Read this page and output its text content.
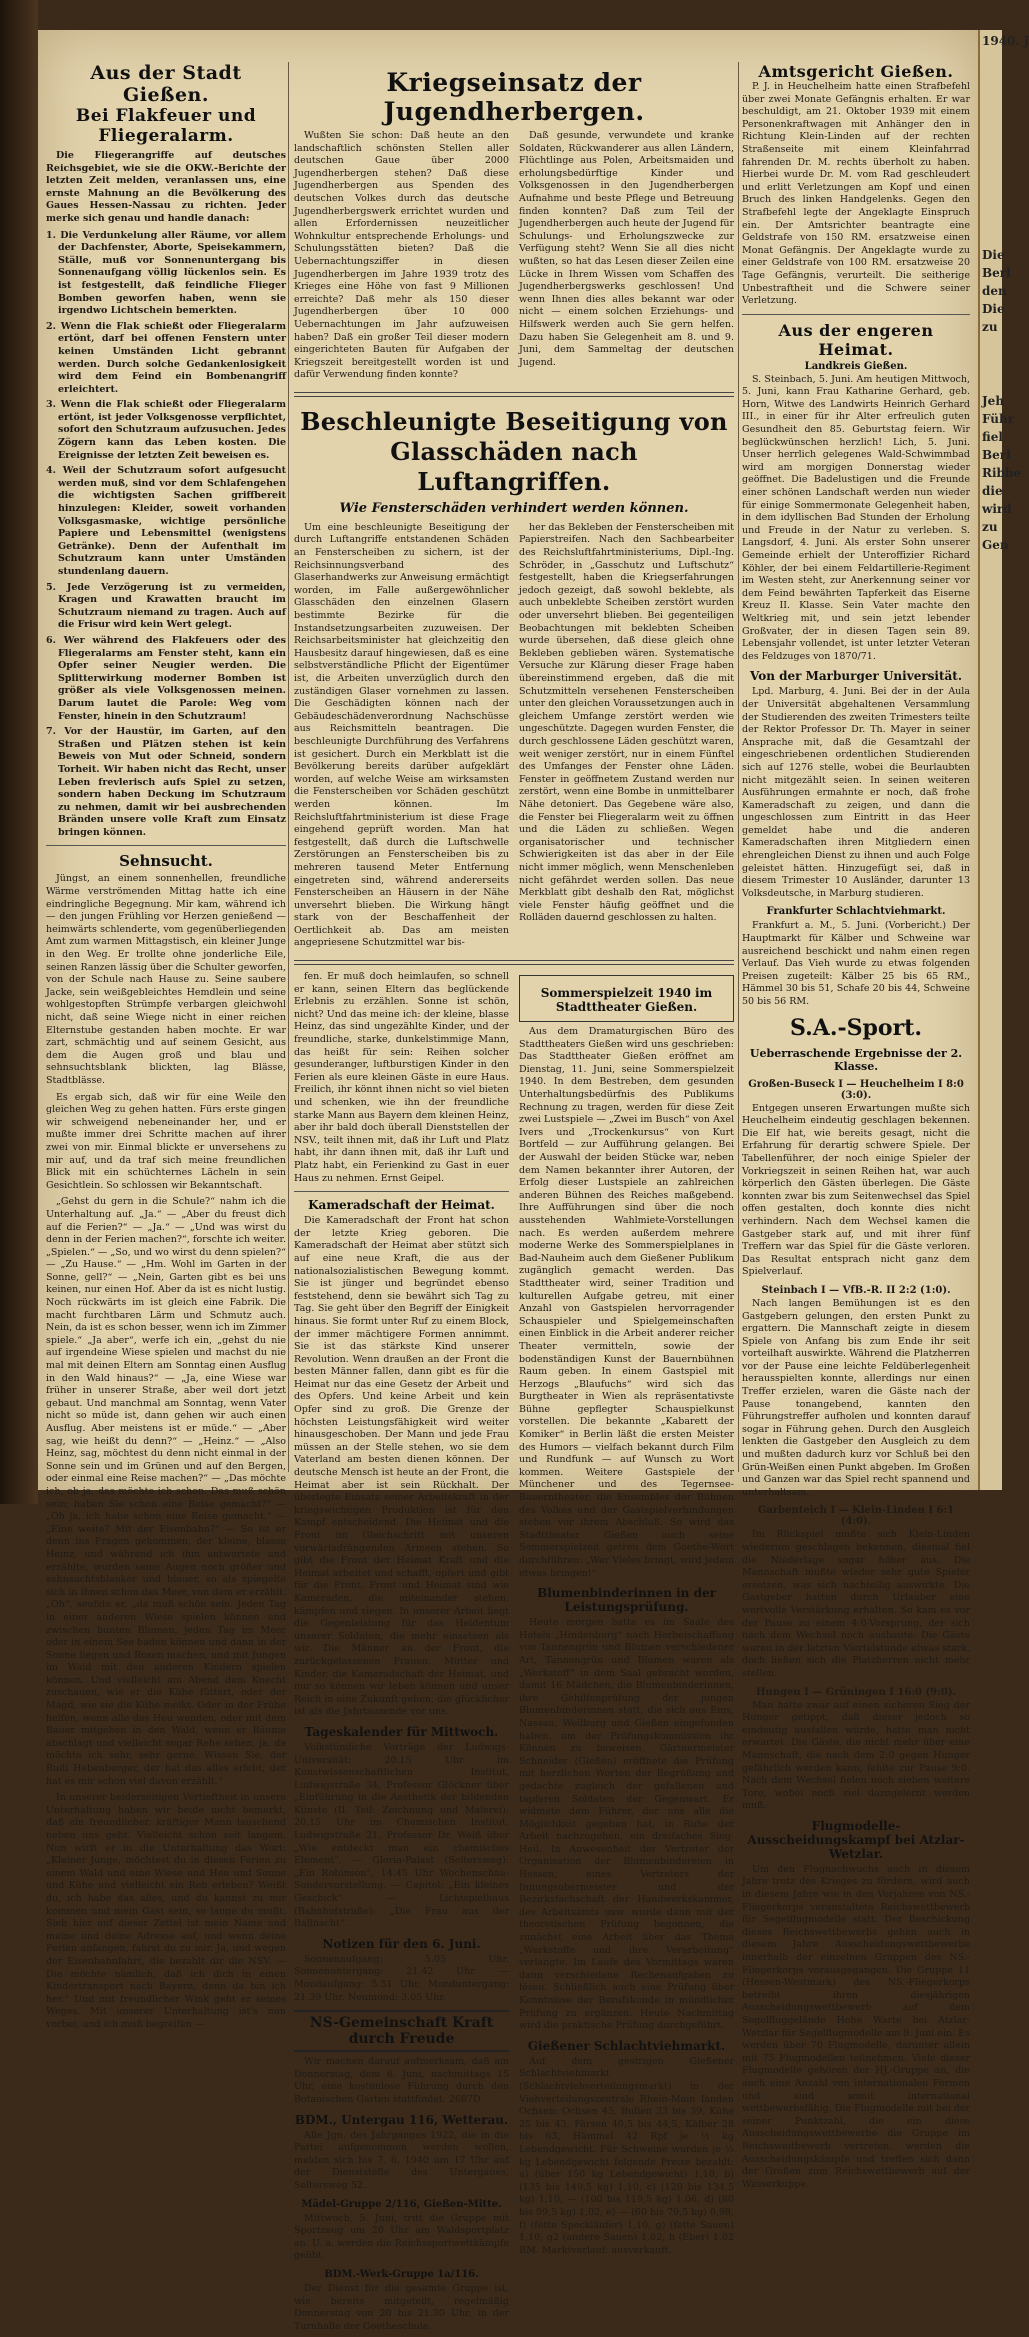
Aus der Stadt Gießen.
Bei Flakfeuer und Fliegeralarm.

Die Fliegerangriffe auf deutsches Reichsgebiet, wie sie die OKW.-Berichte der letzten Zeit melden, veranlassen uns, eine ernste Mahnung an die Bevölkerung des Gaues Hessen-Nassau zu richten. Jeder merke sich genau und handle danach:

1. Die Verdunkelung aller Räume, vor allem der Dachfenster, Aborte, Speisekammern, Ställe, muß vor Sonnenuntergang bis Sonnenaufgang völlig lückenlos sein. Es ist festgestellt, daß feindliche Flieger Bomben geworfen haben, wenn sie irgendwo Lichtschein bemerkten.
2. Wenn die Flak schießt oder Fliegeralarm ertönt, darf bei offenen Fenstern unter keinen Umständen Licht gebrannt werden. Durch solche Gedankenlosigkeit wird dem Feind ein Bombenangriff erleichtert.
3. Wenn die Flak schießt oder Fliegeralarm ertönt, ist jeder Volksgenosse verpflichtet, sofort den Schutzraum aufzusuchen. Jedes Zögern kann das Leben kosten. Die Ereignisse der letzten Zeit beweisen es.
4. Weil der Schutzraum sofort aufgesucht werden muß, sind vor dem Schlafengehen die wichtigsten Sachen griffbereit hinzulegen: Kleider, soweit vorhanden Volksgasmaske, wichtige persönliche Papiere und Lebensmittel (wenigstens Getränke). Denn der Aufenthalt im Schutzraum kann unter Umständen stundenlang dauern.
5. Jede Verzögerung ist zu vermeiden, Kragen und Krawatten braucht im Schutzraum niemand zu tragen. Auch auf die Frisur wird kein Wert gelegt.
6. Wer während des Flakfeuers oder des Fliegeralarms am Fenster steht, kann ein Opfer seiner Neugier werden. Die Splitterwirkung moderner Bomben ist größer als viele Volksgenossen meinen. Darum lautet die Parole: Weg vom Fenster, hinein in den Schutzraum!
7. Vor der Haustür, im Garten, auf den Straßen und Plätzen stehen ist kein Beweis von Mut oder Schneid, sondern Torheit. Wir haben nicht das Recht, unser Leben frevlerisch aufs Spiel zu setzen, sondern haben Deckung im Schutzraum zu nehmen, damit wir bei ausbrechenden Bränden unsere volle Kraft zum Einsatz bringen können.
Sehnsucht.

Jüngst, an einem sonnenhellen, freundliche Wärme verströmenden Mittag hatte ich eine eindringliche Begegnung. Mir kam, während ich — den jungen Frühling vor Herzen genießend — heimwärts schlenderte, vom gegenüberliegenden Amt zum warmen Mittagstisch, ein kleiner Junge in den Weg. Er trollte ohne jonderliche Eile, seinen Ranzen lässig über die Schulter geworfen, von der Schule nach Hause zu. Seine saubere Jacke, sein weißgebleichtes Hemdlein und seine wohlgestopften Strümpfe verbargen gleichwohl nicht, daß seine Wiege nicht in einer reichen Elternstube gestanden haben mochte. Er war zart, schmächtig und auf seinem Gesicht, aus dem die Augen groß und blau und sehnsuchtsblank blickten, lag Blässe, Stadtblässe.

Es ergab sich, daß wir für eine Weile den gleichen Weg zu gehen hatten. Fürs erste gingen wir schweigend nebeneinander her, und er mußte immer drei Schritte machen auf ihrer zwei von mir. Einmal blickte er unversehens zu mir auf, und da traf sich meine freundlichen Blick mit ein schüchternes Lächeln in sein Gesichtlein. So schlossen wir Bekanntschaft.

„Gehst du gern in die Schule?“ nahm ich die Unterhaltung auf. „Ja.“ — „Aber du freust dich auf die Ferien?“ — „Ja.“ — „Und was wirst du denn in der Ferien machen?“, forschte ich weiter. „Spielen.“ — „So, und wo wirst du denn spielen?“ — „Zu Hause.“ — „Hm. Wohl im Garten in der Sonne, gell?“ — „Nein, Garten gibt es bei uns keinen, nur einen Hof. Aber da ist es nicht lustig. Noch rückwärts im ist gleich eine Fabrik. Die macht furchtbaren Lärm und Schmutz auch. Nein, da ist es schon besser, wenn ich im Zimmer spiele.“ „Ja aber“, werfe ich ein, „gehst du nie auf irgendeine Wiese spielen und machst du nie mal mit deinen Eltern am Sonntag einen Ausflug in den Wald hinaus?“ — „Ja, eine Wiese war früher in unserer Straße, aber weil dort jetzt gebaut. Und manchmal am Sonntag, wenn Vater nicht so müde ist, dann gehen wir auch einen Ausflug. Aber meistens ist er müde.“ — „Aber sag, wie heißt du denn?“ — „Heinz.“ — „Also Heinz, sag, möchtest du denn nicht einmal in der Sonne sein und im Grünen und auf den Bergen, oder einmal eine Reise machen?“ — „Das möchte ich, ob ja, das möchte ich schon. Das muß schön sein; haben Sie schon eine Reise gemacht?“ — „Oh ja, ich habe schon eine Reise gemacht.“ — „Eine weite? Mit der Eisenbahn?“ — So ist er denn ins Fragen gekommen, der kleine, blasse Heinz, und während ich ihm antwortete und erzählte, wurden seine Augen noch größer und sehnsuchtsblanker und blauer, so als spiegelte sich in ihnen schon das Meer, von dem er erzählt. „Oh“, seufzte er, „da muß schön sein. Jeden Tag in einer anderen Wiese spielen können und zwischen bunten Blumen, jeden Tag im Meer oder in einem See baden können und dann in der Sonne liegen und Rosen machen, und mit Jungen im Wald mit den anderen Kindern spielen können. Und vielleicht am Abend dem Knecht zuschauen, wie er die Kühe füttert, oder der Magd, wie sie die Kühe melkt. Oder in der Frühe helfen, wenn alle das Heu wenden, oder mit dem Bauer mitgehen in den Wald, wenn er Bäume abschlagt und vielleicht sogar Rehe sehen, ja, da möchte ich sehr, sehr gerne. Wissen Sie, der Rudi Hebenberger, der hat das alles erlebt, der hat es mir schon viel davon erzählt.“

In unserer beiderseitigen Vertieftheit in unsere Unterhaltung haben wir beide nicht bemerkt, daß ein freundlicher, kräftiger Mann lauschend neben uns geht. Vielleicht schon seit langem. Nun wirft er in die Unterhaltung das Wort: „Kleiner Junge, möchtest du in diesen Ferien zu einem Wald und eine Wiese und Heu und Sonne und Kühe und vielleicht ein Reh erleben? Weißt du, ich habe das alles, und du kannst zu mir kommen und mein Gast sein, so lange du mußt. Sieh hier auf dieser Zettel ist mein Name und meine und deine Adresse auf, und wenn deine Ferien anfangen, fahrst du zu mir. Ja, und wegen der Eisenbahnfahrt, die bezahlt dir die NSV. — Die möchte nämlich, daß ich dich in einen Kindertransport nach Bayern, denn da bin ich her.“ Und mit freundlicher Wink geht er seines Weges. Mit unserer Unterhaltung ist's nun vorbei, und ich muß begreifen —

Kriegseinsatz der Jugendherbergen.

Wußten Sie schon: Daß heute an den landschaftlich schönsten Stellen aller deutschen Gaue über 2000 Jugendherbergen stehen? Daß diese Jugendherbergen aus Spenden des deutschen Volkes durch das deutsche Jugendherbergswerk errichtet wurden und allen Erfordernissen neuzeitlicher Wohnkultur entsprechende Erholungs- und Schulungsstätten bieten? Daß die Uebernachtungsziffer in diesen Jugendherbergen im Jahre 1939 trotz des Krieges eine Höhe von fast 9 Millionen erreichte? Daß mehr als 150 dieser Jugendherbergen über 10 000 Uebernachtungen im Jahr aufzuweisen haben? Daß ein großer Teil dieser modern eingerichteten Bauten für Aufgaben der Kriegszeit bereitgestellt worden ist und dafür Verwendung finden konnte?

Daß gesunde, verwundete und kranke Soldaten, Rückwanderer aus allen Ländern, Flüchtlinge aus Polen, Arbeitsmaiden und erholungsbedürftige Kinder und Volksgenossen in den Jugendherbergen Aufnahme und beste Pflege und Betreuung finden konnten? Daß zum Teil der Jugendherbergen auch heute der Jugend für Schulungs- und Erholungszwecke zur Verfügung steht? Wenn Sie all dies nicht wußten, so hat das Lesen dieser Zeilen eine Lücke in Ihrem Wissen vom Schaffen des Jugendherbergswerks geschlossen! Und wenn Ihnen dies alles bekannt war oder nicht — einem solchen Erziehungs- und Hilfswerk werden auch Sie gern helfen. Dazu haben Sie Gelegenheit am 8. und 9. Juni, dem Sammeltag der deutschen Jugend.

Beschleunigte Beseitigung von Glasschäden nach Luftangriffen.
Wie Fensterschäden verhindert werden können.

Um eine beschleunigte Beseitigung der durch Luftangriffe entstandenen Schäden an Fensterscheiben zu sichern, ist der Reichsinnungsverband des Glaserhandwerks zur Anweisung ermächtigt worden, im Falle außergewöhnlicher Glasschäden den einzelnen Glasern bestimmte Bezirke für die Instandsetzungsarbeiten zuzuweisen. Der Reichsarbeitsminister hat gleichzeitig den Hausbesitz darauf hingewiesen, daß es eine selbstverständliche Pflicht der Eigentümer ist, die Arbeiten unverzüglich durch den zuständigen Glaser vornehmen zu lassen. Die Geschädigten können nach der Gebäudeschädenverordnung Nachschüsse aus Reichsmitteln beantragen. Die beschleunigte Durchführung des Verfahrens ist gesichert. Durch ein Merkblatt ist die Bevölkerung bereits darüber aufgeklärt worden, auf welche Weise am wirksamsten die Fensterscheiben vor Schäden geschützt werden können. Im Reichsluftfahrtministerium ist diese Frage eingehend geprüft worden. Man hat festgestellt, daß durch die Luftschwelle Zerstörungen an Fensterscheiben bis zu mehreren tausend Meter Entfernung eingetreten sind, während andererseits Fensterscheiben an Häusern in der Nähe unversehrt blieben. Die Wirkung hängt stark von der Beschaffenheit der Oertlichkeit ab. Das am meisten angepriesene Schutzmittel war bis-

her das Bekleben der Fensterscheiben mit Papierstreifen. Nach den Sachbearbeiter des Reichsluftfahrtministeriums, Dipl.-Ing. Schröder, in „Gasschutz und Luftschutz“ festgestellt, haben die Kriegserfahrungen jedoch gezeigt, daß sowohl beklebte, als auch unbeklebte Scheiben zerstört wurden oder unversehrt blieben. Bei gegenteiligen Beobachtungen mit beklebten Scheiben wurde übersehen, daß diese gleich ohne Bekleben geblieben wären. Systematische Versuche zur Klärung dieser Frage haben übereinstimmend ergeben, daß die mit Schutzmitteln versehenen Fensterscheiben unter den gleichen Voraussetzungen auch in gleichem Umfange zerstört werden wie ungeschützte. Dagegen wurden Fenster, die durch geschlossene Läden geschützt waren, weit weniger zerstört, nur in einem Fünftel des Umfanges der Fenster ohne Läden. Fenster in geöffnetem Zustand werden nur zerstört, wenn eine Bombe in unmittelbarer Nähe detoniert. Das Gegebene wäre also, die Fenster bei Fliegeralarm weit zu öffnen und die Läden zu schließen. Wegen organisatorischer und technischer Schwierigkeiten ist das aber in der Eile nicht immer möglich, wenn Menschenleben nicht gefährdet werden sollen. Das neue Merkblatt gibt deshalb den Rat, möglichst viele Fenster häufig geöffnet und die Rolläden dauernd geschlossen zu halten.

fen. Er muß doch heimlaufen, so schnell er kann, seinen Eltern das beglückende Erlebnis zu erzählen. Sonne ist schön, nicht? Und das meine ich: der kleine, blasse Heinz, das sind ungezählte Kinder, und der freundliche, starke, dunkelstimmige Mann, das heißt für sein: Reihen solcher gesunderanger, luftburstigen Kinder in den Ferien als eure kleinen Gäste in eure Haus. Freilich, ihr könnt ihnen nicht so viel bieten und schenken, wie ihn der freundliche starke Mann aus Bayern dem kleinen Heinz, aber ihr bald doch überall Dienststellen der NSV., teilt ihnen mit, daß ihr Luft und Platz habt, ihr dann ihnen mit, daß ihr Luft und Platz habt, ein Ferienkind zu Gast in euer Haus zu nehmen. Ernst Geipel.

Kameradschaft der Heimat.

Die Kameradschaft der Front hat schon der letzte Krieg geboren. Die Kameradschaft der Heimat aber stützt sich auf eine neue Kraft, die aus der nationalsozialistischen Bewegung kommt. Sie ist jünger und begründet ebenso feststehend, denn sie bewährt sich Tag zu Tag. Sie geht über den Begriff der Einigkeit hinaus. Sie formt unter Ruf zu einem Block, der immer mächtigere Formen annimmt. Sie ist das stärkste Kind unserer Revolution. Wenn draußen an der Front die besten Männer fallen, dann gibt es für die Heimat nur das eine Gesetz der Arbeit und des Opfers. Und keine Arbeit und kein Opfer sind zu groß. Die Grenze der höchsten Leistungsfähigkeit wird weiter hinausgeschoben. Der Mann und jede Frau müssen an der Stelle stehen, wo sie dem Vaterland am besten dienen können. Der deutsche Mensch ist heute an der Front, die Heimat aber ist sein Rückhalt. Der überlegte Einsatz seiner Arbeitskraft in der kriegswichtigen Produktion ist für den Kampf entscheidend. Die Heimat und die Front im Gleichschritt mit unseren vorwärtsdrängenden Armeen stehen. So gibt die Front der Heimat Kraft und die Heimat arbeitet und schafft, opfert und gibt für die Front. Front und Heimat sind wie Kameraden, die miteinander stehen, kämpfen und siegen. In unserer Arbeit liegt die Gegenleistung für das Heldentum unserer Soldaten, die mehr einsetzen als wir. Die Männer an der Front, die zurückgelassenen Frauen, Mütter und Kinder, die Kameradschaft der Heimat, und nur so können wir leben können und unser Reich in eine Zukunft gehen, die glücklicher ist als die Jahrtausende vor uns.

Tageskalender für Mittwoch.

Volkstümliche Vorträge der Ludwigs-Universität: 20.15 Uhr im Kunstwissenschaftlichen Institut, Ludwigstraße 34, Professor Glöckner über „Einführung in die Aesthetik der bildenden Künste (II. Teil: Zeichnung und Malerei); 20.15 Uhr im Chemischen Institut, Ludwigstraße 21, Professor Dr. Weiß über „Wie entdeckt man ein chemisches Element“. — Gloria-Palast (Seltersweg): „Ein Robinson“, 14.45 Uhr Wochenschau-Sondervorstellung. — Capitol: „Ein kleines Geschick“ — Lichtspielhaus (Bahnhofstraße): „Die Frau aus der Ballnacht“.

Notizen für den 6. Juni.

Sonnenaufgang: 5.05 Uhr, Sonnenuntergang: 21.42 Uhr. — Mondaufgang: 5.51 Uhr, Monduntergang: 21.39 Uhr. Neumond: 3.05 Uhr.

NS-Gemeinschaft Kraft durch Freude

Wir machen darauf aufmerksam, daß am Donnerstag, dem 6. Juni, nachmittags 15 Uhr, eine kostenlose Führung durch den Botanischen Garten stattfindet. 2687D

BDM., Untergau 116, Wetterau.

Alle Jgn. des Jahrganges 1922, die in die Partei aufgenommen werden wollen, melden sich bis 7. 6. 1940 um 17 Uhr auf der Dienststelle des Untergaues, Seltersweg 52.

Mädel-Gruppe 2/116, Gießen-Mitte.

Mittwoch, 5. Juni, tritt die Gruppe mit Sportzeug um 20 Uhr am Waldsportplatz an. U. a. werden die Reichssportwettkämpfe geübt.

BDM.-Werk-Gruppe 1a/116.

Der Dienst für die gesamte Gruppe ist, wie bereits mitgeteilt, regelmäßig Donnerstag von 20 bis 21.30 Uhr, in der Turnhalle der Goetheschule.

Sommerspielzeit 1940 im Stadttheater Gießen.

Aus dem Dramaturgischen Büro des Stadttheaters Gießen wird uns geschrieben: Das Stadttheater Gießen eröffnet am Dienstag, 11. Juni, seine Sommerspielzeit 1940. In dem Bestreben, dem gesunden Unterhaltungsbedürfnis des Publikums Rechnung zu tragen, werden für diese Zeit zwei Lustspiele — „Zwei im Busch“ von Axel Ivers und „Trockenkursus“ von Kurt Bortfeld — zur Aufführung gelangen. Bei der Auswahl der beiden Stücke war, neben dem Namen bekannter ihrer Autoren, der Erfolg dieser Lustspiele an zahlreichen anderen Bühnen des Reiches maßgebend. Ihre Aufführungen sind über die noch ausstehenden Wahlmiete-Vorstellungen nach. Es werden außerdem mehrere moderne Werke des Sommerspielplanes in Bad-Nauheim auch dem Gießener Publikum zugänglich gemacht werden. Das Stadttheater wird, seiner Tradition und kulturellen Aufgabe getreu, mit einer Anzahl von Gastspielen hervorragender Schauspieler und Spielgemeinschaften einen Einblick in die Arbeit anderer reicher Theater vermitteln, sowie der bodenständigen Kunst der Bauernbühnen Raum geben. In einem Gastspiel mit Herzogs „Blaufuchs“ wird sich das Burgtheater in Wien als repräsentativste Bühne gepflegter Schauspielkunst vorstellen. Die bekannte „Kabarett der Komiker“ in Berlin läßt die ersten Meister des Humors — vielfach bekannt durch Film und Rundfunk — auf Wunsch zu Wort kommen. Weitere Gastspiele der Münchener und des Tegernsee-Bauerntheater, die Ensembles der Bühnen des Volkes und der Gastspielverbindungen stehen vor ihrem Abschluß. So wird das Stadttheater Gießen auch seine Sommerspielzeit getreu dem Goethe-Wort durchführen: „Wer Vieles bringt, wird jedem etwas bringen!“

Blumenbinderinnen in der Leistungsprüfung.

Heute morgen hatte es im Saale des Hotels „Hindenburg“ nach Herbeischaffung von Tannengrün und Blumen verschiedener Art, Tannengrün und Blumen waren als „Werkstoff“ in dem Saal gebracht worden, damit 16 Mädchen, die Blumenbinderinnen, ihre Gehilfenprüfung der jungen Blumenbinderinnen statt, die sich aus Ems, Nassau, Weilburg und Gießen eingefunden haben, um der Prüfungskommission ihr Können zu beweisen. Gärtnermeister Schneider (Gießen) eröffnete die Prüfung mit herzlichen Worten der Begrüßung und gedachte zugleich der gefallenen und tapferen Soldaten der Gegenwart. Er widmete dem Führer, der uns alle die Möglichkeit gegeben hat, in Ruhe der Arbeit nachzugehen, ein dreifaches Sieg-Heil. In Anwesenheit der Vertreter der Organisation der Blumenbindereien in Hessen, eines Vertreters der Innungsobermeister und der Bezirksfachschaft der Handwerkskammer, des Arbeitsamts usw. wurde dann mit der theoretischen Prüfung begonnen, die zunächst eine Arbeit über das Thema „Werkstoffe und ihre Verarbeitung“ verlangte. Im Laufe des Vormittags waren dann verschiedene Rechenaufgaben zu lösen. Schließlich auch eine Prüfung über Kenntnisse der Berufskunde in mündlicher Prüfung zu ergänzen. Heute Nachmittag wird die praktische Prüfung durchgeführt.

Gießener Schlachtviehmarkt.

Auf dem gestrigen Gießener Schlachtviehmarkt (Schlachtviehverteilungsmarkt) in der Viehverteilungszentrale Rhein-Main fanden Ochsen: Ochsen 45, Bullen 33 bis 39, Kühe 25 bis 43, Färsen 40,5 bis 44,5, Kälber 28 bis 63, Hämmel 42 Rpf je ½ kg Lebendgewicht. Für Schweine wurden je ½ kg Lebendgewicht folgende Preise bezahlt: a) (über 150 kg Lebendgewicht) 1,10, b) (135 bis 149,5 kg) 1,10, c) (120 bis 134,5 kg) 1,10, — (100 bis 119,5 kg) 1,06, d) (80 bis 99,5 kg) 1,02, e) — (60 bis 79,5 kg) 0,98, f) (fette Speckläufer) 1,10, g) (fette Sauen) 1,10, g2 (andere Sauen) 1,02, h (Eber) 1,02 RM. Marktverlauf: ausverkauft.

Amtsgericht Gießen.

P. J. in Heuchelheim hatte einen Strafbefehl über zwei Monate Gefängnis erhalten. Er war beschuldigt, am 21. Oktober 1939 mit einem Personenkraftwagen mit Anhänger den in Richtung Klein-Linden auf der rechten Straßenseite mit einem Kleinfahrrad fahrenden Dr. M. rechts überholt zu haben. Hierbei wurde Dr. M. vom Rad geschleudert und erlitt Verletzungen am Kopf und einen Bruch des linken Handgelenks. Gegen den Strafbefehl legte der Angeklagte Einspruch ein. Der Amtsrichter beantragte eine Geldstrafe von 150 RM. ersatzweise einen Monat Gefängnis. Der Angeklagte wurde zu einer Geldstrafe von 100 RM. ersatzweise 20 Tage Gefängnis, verurteilt. Die seitherige Unbestraftheit und die Schwere seiner Verletzung.

Aus der engeren Heimat.
Landkreis Gießen.

S. Steinbach, 5. Juni. Am heutigen Mittwoch, 5. Juni, kann Frau Katharine Gerhard, geb. Horn, Witwe des Landwirts Heinrich Gerhard III., in einer für ihr Alter erfreulich guten Gesundheit den 85. Geburtstag feiern. Wir beglückwünschen herzlich! Lich, 5. Juni. Unser herrlich gelegenes Wald-Schwimmbad wird am morgigen Donnerstag wieder geöffnet. Die Badelustigen und die Freunde einer schönen Landschaft werden nun wieder für einige Sommermonate Gelegenheit haben, in dem idyllischen Bad Stunden der Erholung und Freude in der Natur zu verleben. S. Langsdorf, 4. Juni. Als erster Sohn unserer Gemeinde erhielt der Unteroffizier Richard Köhler, der bei einem Feldartillerie-Regiment im Westen steht, zur Anerkennung seiner vor dem Feind bewährten Tapferkeit das Eiserne Kreuz II. Klasse. Sein Vater machte den Weltkrieg mit, und sein jetzt lebender Großvater, der in diesen Tagen sein 89. Lebensjahr vollendet, ist unter letzter Veteran des Feldzuges von 1870/71.

Von der Marburger Universität.

Lpd. Marburg, 4. Juni. Bei der in der Aula der Universität abgehaltenen Versammlung der Studierenden des zweiten Trimesters teilte der Rektor Professor Dr. Th. Mayer in seiner Ansprache mit, daß die Gesamtzahl der eingeschriebenen ordentlichen Studierenden sich auf 1276 stelle, wobei die Beurlaubten nicht mitgezählt seien. In seinen weiteren Ausführungen ermahnte er noch, daß frohe Kameradschaft zu zeigen, und dann die ungeschlossen zum Eintritt in das Heer gemeldet habe und die anderen Kameradschaften ihren Mitgliedern einen ehrengleichen Dienst zu ihnen und auch Folge geleistet hätten. Hinzugefügt sei, daß in diesem Trimester 10 Ausländer, darunter 13 Volksdeutsche, in Marburg studieren.

Frankfurter Schlachtviehmarkt.

Frankfurt a. M., 5. Juni. (Vorbericht.) Der Hauptmarkt für Kälber und Schweine war ausreichend beschickt und nahm einen regen Verlauf. Das Vieh wurde zu etwas folgenden Preisen zugeteilt: Kälber 25 bis 65 RM., Hämmel 30 bis 51, Schafe 20 bis 44, Schweine 50 bis 56 RM.

S.A.-Sport.
Ueberraschende Ergebnisse der 2. Klasse.
Großen-Buseck I — Heuchelheim I 8:0 (3:0).

Entgegen unseren Erwartungen mußte sich Heuchelheim eindeutig geschlagen bekennen. Die Elf hat, wie bereits gesagt, nicht die Erfahrung für derartig schwere Spiele. Der Tabellenführer, der noch einige Spieler der Vorkriegszeit in seinen Reihen hat, war auch körperlich den Gästen überlegen. Die Gäste konnten zwar bis zum Seitenwechsel das Spiel offen gestalten, doch konnte dies nicht verhindern. Nach dem Wechsel kamen die Gastgeber stark auf, und mit ihrer fünf Treffern war das Spiel für die Gäste verloren. Das Resultat entsprach nicht ganz dem Spielverlauf.

Steinbach I — VfB.-R. II 2:2 (1:0).

Nach langen Bemühungen ist es den Gastgebern gelungen, den ersten Punkt zu ergattern. Die Mannschaft zeigte in diesem Spiele von Anfang bis zum Ende ihr seit vorteilhaft auswirkte. Während die Platzherren vor der Pause eine leichte Feldüberlegenheit herausspielten konnte, allerdings nur einen Treffer erzielen, waren die Gäste nach der Pause tonangebend, kannten den Führungstreffer aufholen und konnten darauf sogar in Führung gehen. Durch den Ausgleich lenkten die Gastgeber den Ausgleich zu dem und mußten dadurch kurz vor Schluß bei den Grün-Weißen einen Punkt abgeben. Im Großen und Ganzen war das Spiel recht spannend und unterhaltsam.

Garbenteich I — Klein-Linden I 6:1 (4:0).

Im Rückspiel mußte sich Klein-Linden wiederum geschlagen bekennen, diesmal fiel die Niederlage sogar höher aus. Die Mannschaft mußte wieder sehr gute Spieler ersetzen, was sich nachteilig auswirkte. Die Gastgeber hatten durch Urlauber eine wertvolle Verstärkung erhalten. So kam es vor der Pause zu einem 4:0-Vorsprung, der sich nach dem Wechsel noch ausbaute. Die Gäste waren in der letzten Viertelstunde etwas stark, doch ließen sich die Platzherren nicht mehr stellen.

Hungen I — Grüningen I 16:0 (9:0).

Man hatte zwar auf einen sicheren Sieg der Hunger getippt, daß dieser jedoch so eindeutig ausfallen würde, hatte man nicht erwartet. Die Gäste, die nicht mehr über eine Mannschaft, die nach dem 2:0 gegen Hunger gefährlich werden kann, fehlte zur Pause 9:0. Nach dem Wechsel fielen noch sieben weitere Tore, wobei noch viel dazugelernt werden muß.

Flugmodelle-Ausscheidungskampf bei Atzlar-Wetzlar.

Um den Flugnachwuchs auch in diesem Jahre trotz des Krieges zu fördern, wird auch in diesem Jahre wie in den Vorjahren von NS.-Fliegerkorps veranstaltete Reichswettbewerb für Segelflugmodelle statt. Der Beschickung dieses Reichswettbewerbs gehen auch in diesem Jahre Ausscheidungswettbewerbe innerhalb der einzelnen Gruppen des NS.-Fliegerkorps vorausgegangen. Die Gruppe 11 (Hessen-Westmark) des NS.-Fliegerkorps betreibt ihren diesjährigen Ausscheidungswettbewerb auf dem Segelfluggelände Hohe Warte bei Atzlar-Wetzlar für Segelflugmodelle am 9. Juni ein. Es werden über 70 Flugmodelle, darunter allein mit 75 Flugmodellen teilnehmen. Viele dieser Flugmodelle gehören der HJ.-Gruppe an, die auch eine Anzahl von internationalen Formen und sind somit international wettbewerbsfähig. Die Flugmodelle mit bei der seiner Punktzahl, die ein diese Ausscheidungswettbewerbe die Gruppe im Reichsweitbewerb vertreten, werden die Ausscheidungskämpfe und treffen sich dann der Großen zum Reichswettbewerb auf der Wasserkuppe.

1940. J
Die
Berl
den
Die
zu
Jeh
Führ
fiel
Berl
Ribbe
die
wird
zu
Gen
